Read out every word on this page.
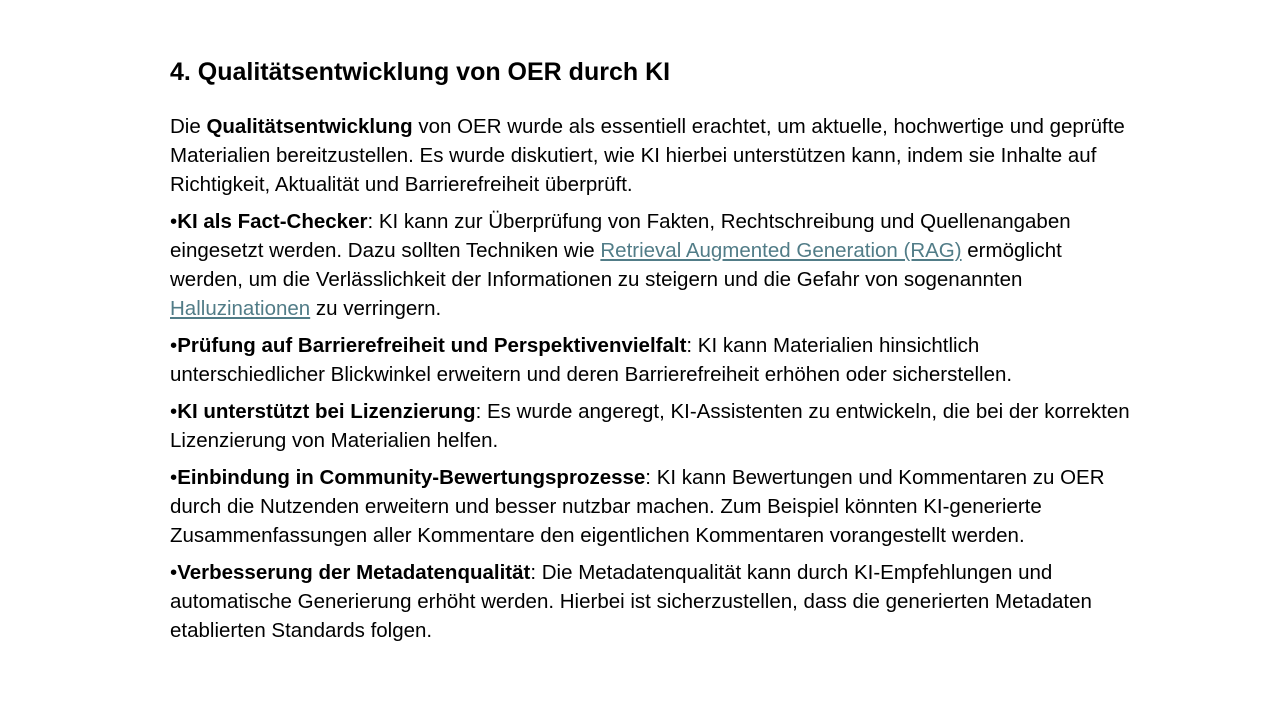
4. Qualitätsentwicklung von OER durch KI

Die Qualitätsentwicklung von OER wurde als essentiell erachtet, um aktuelle, hochwertige und geprüfte Materialien bereitzustellen. Es wurde diskutiert, wie KI hierbei unterstützen kann, indem sie Inhalte auf Richtigkeit, Aktualität und Barrierefreiheit überprüft.

•KI als Fact-Checker: KI kann zur Überprüfung von Fakten, Rechtschreibung und Quellenangaben eingesetzt werden. Dazu sollten Techniken wie Retrieval Augmented Generation (RAG) ermöglicht werden, um die Verlässlichkeit der Informationen zu steigern und die Gefahr von sogenannten Halluzinationen zu verringern.

•Prüfung auf Barrierefreiheit und Perspektivenvielfalt: KI kann Materialien hinsichtlich unterschiedlicher Blickwinkel erweitern und deren Barrierefreiheit erhöhen oder sicherstellen.

•KI unterstützt bei Lizenzierung: Es wurde angeregt, KI-Assistenten zu entwickeln, die bei der korrekten Lizenzierung von Materialien helfen.

•Einbindung in Community-Bewertungsprozesse: KI kann Bewertungen und Kommentaren zu OER durch die Nutzenden erweitern und besser nutzbar machen. Zum Beispiel könnten KI-generierte Zusammenfassungen aller Kommentare den eigentlichen Kommentaren vorangestellt werden.

•Verbesserung der Metadatenqualität: Die Metadatenqualität kann durch KI-Empfehlungen und automatische Generierung erhöht werden. Hierbei ist sicherzustellen, dass die generierten Metadaten etablierten Standards folgen.
